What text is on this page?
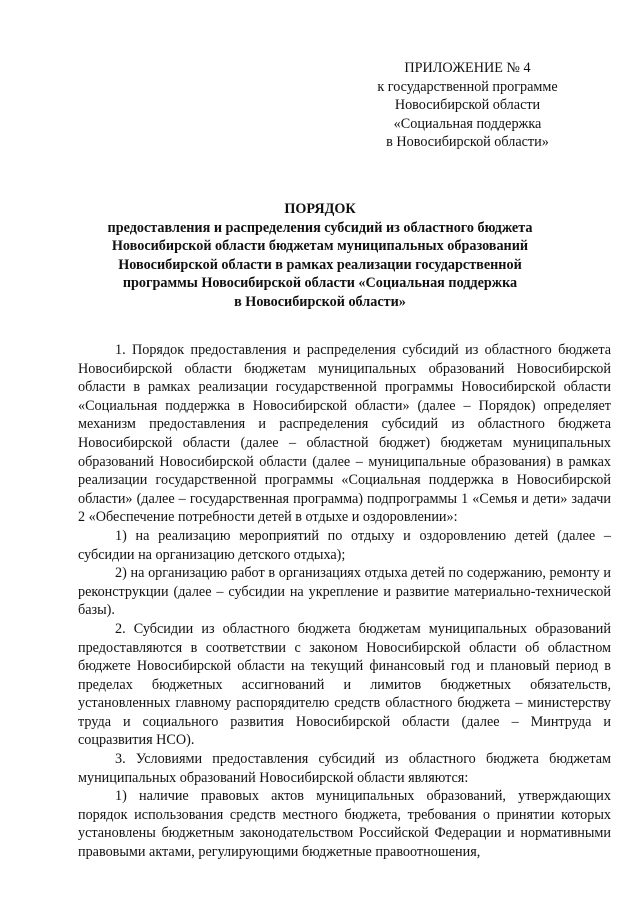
ПРИЛОЖЕНИЕ № 4
к государственной программе
Новосибирской области
«Социальная поддержка
в Новосибирской области»
ПОРЯДОК
предоставления и распределения субсидий из областного бюджета
Новосибирской области бюджетам муниципальных образований
Новосибирской области в рамках реализации государственной
программы Новосибирской области «Социальная поддержка
в Новосибирской области»

1. Порядок предоставления и распределения субсидий из областного бюджета Новосибирской области бюджетам муниципальных образований Новосибирской области в рамках реализации государственной программы Новосибирской области «Социальная поддержка в Новосибирской области» (далее – Порядок) определяет механизм предоставления и распределения субсидий из областного бюджета Новосибирской области (далее – областной бюджет) бюджетам муниципальных образований Новосибирской области (далее – муниципальные образования) в рамках реализации государственной программы «Социальная поддержка в Новосибирской области» (далее – государственная программа) подпрограммы 1 «Семья и дети» задачи 2 «Обеспечение потребности детей в отдыхе и оздоровлении»:

1) на реализацию мероприятий по отдыху и оздоровлению детей (далее – субсидии на организацию детского отдыха);

2) на организацию работ в организациях отдыха детей по содержанию, ремонту и реконструкции (далее – субсидии на укрепление и развитие материально-технической базы).

2. Субсидии из областного бюджета бюджетам муниципальных образований предоставляются в соответствии с законом Новосибирской области об областном бюджете Новосибирской области на текущий финансовый год и плановый период в пределах бюджетных ассигнований и лимитов бюджетных обязательств, установленных главному распорядителю средств областного бюджета – министерству труда и социального развития Новосибирской области (далее – Минтруда и соцразвития НСО).

3. Условиями предоставления субсидий из областного бюджета бюджетам муниципальных образований Новосибирской области являются:

1) наличие правовых актов муниципальных образований, утверждающих порядок использования средств местного бюджета, требования о принятии которых установлены бюджетным законодательством Российской Федерации и нормативными правовыми актами, регулирующими бюджетные правоотношения,
